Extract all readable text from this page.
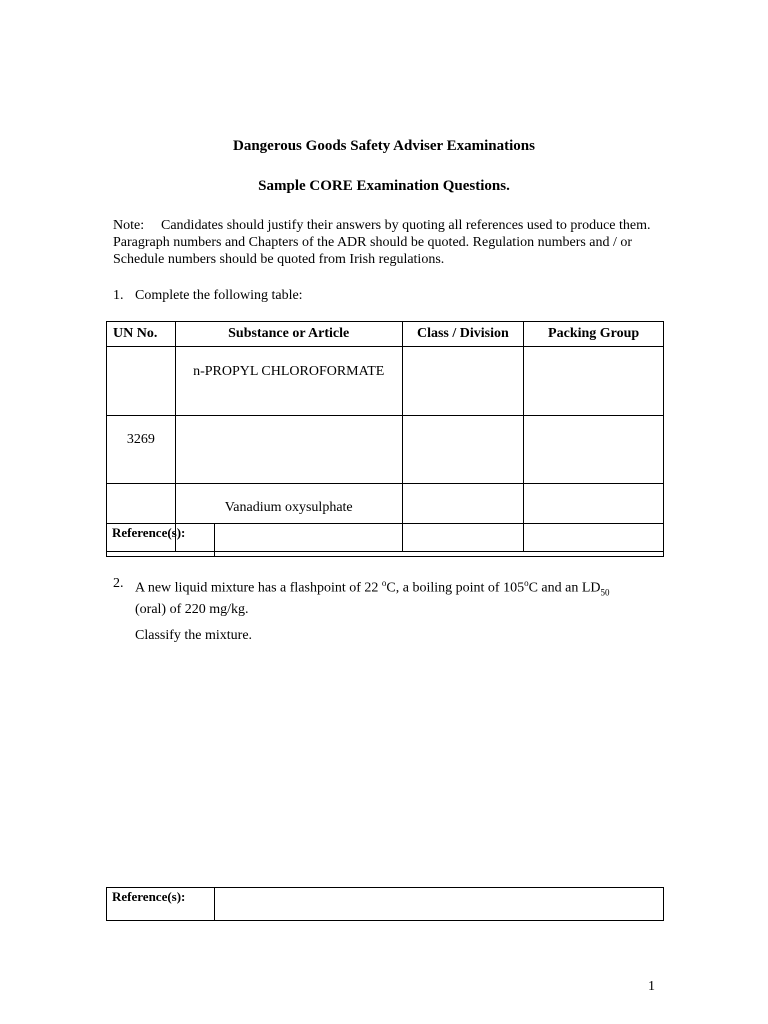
Dangerous Goods Safety Adviser Examinations
Sample CORE Examination Questions.
Note: Candidates should justify their answers by quoting all references used to produce them. Paragraph numbers and Chapters of the ADR should be quoted. Regulation numbers and / or Schedule numbers should be quoted from Irish regulations.
1. Complete the following table:
UN No.	Substance or Article	Class / Division	Packing Group
	n-PROPYL CHLOROFORMATE		
3269			
	Vanadium oxysulphate		
Reference(s):	
2. A new liquid mixture has a flashpoint of 22 $^o$C, a boiling point of 105$^o$C and an $LD_{50}$
(oral) of 220 mg/kg.
Classify the mixture.
Reference(s):	
1
